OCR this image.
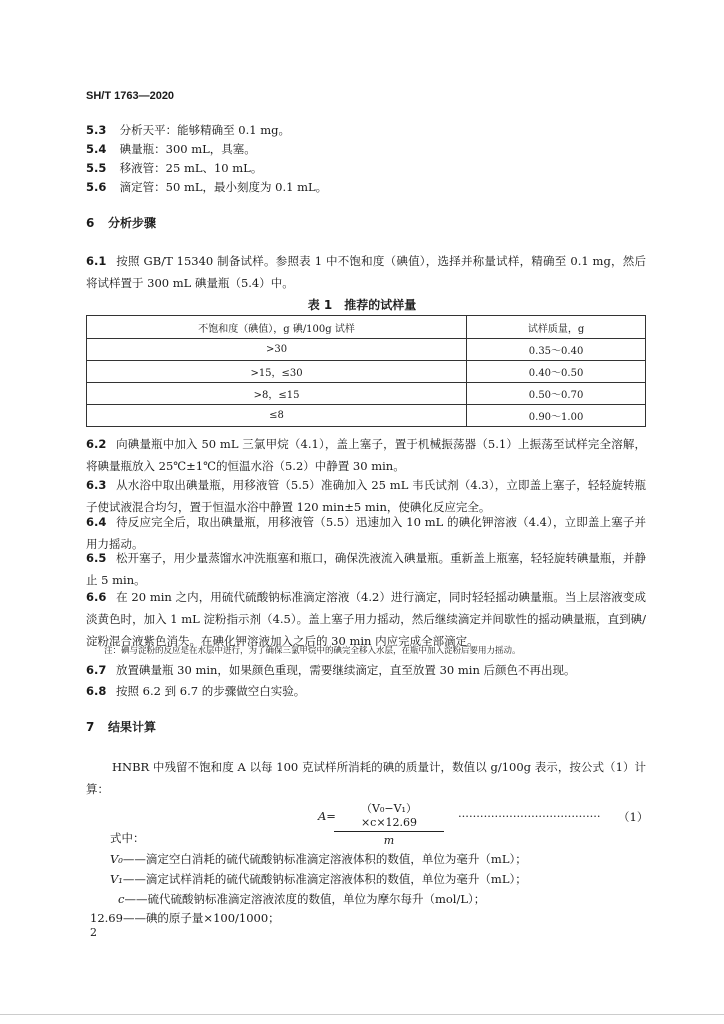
SH/T 1763—2020
5.3 分析天平：能够精确至 0.1 mg。
5.4 碘量瓶：300 mL，具塞。
5.5 移液管：25 mL、10 mL。
5.6 滴定管：50 mL，最小刻度为 0.1 mL。
6 分析步骤
6.1 按照 GB/T 15340 制备试样。参照表 1 中不饱和度（碘值），选择并称量试样，精确至 0.1 mg，然后将试样置于 300 mL 碘量瓶（5.4）中。
表 1　推荐的试样量
不饱和度（碘值），g 碘/100g 试样	试样质量，g
>30	0.35～0.40
>15，≤30	0.40～0.50
>8，≤15	0.50～0.70
≤8	0.90～1.00
6.2 向碘量瓶中加入 50 mL 三氯甲烷（4.1），盖上塞子，置于机械振荡器（5.1）上振荡至试样完全溶解，将碘量瓶放入 25℃±1℃的恒温水浴（5.2）中静置 30 min。
6.3 从水浴中取出碘量瓶，用移液管（5.5）准确加入 25 mL 韦氏试剂（4.3），立即盖上塞子，轻轻旋转瓶子使试液混合均匀，置于恒温水浴中静置 120 min±5 min，使碘化反应完全。
6.4 待反应完全后，取出碘量瓶，用移液管（5.5）迅速加入 10 mL 的碘化钾溶液（4.4），立即盖上塞子并用力摇动。
6.5 松开塞子，用少量蒸馏水冲洗瓶塞和瓶口，确保洗液流入碘量瓶。重新盖上瓶塞，轻轻旋转碘量瓶，并静止 5 min。
6.6 在 20 min 之内，用硫代硫酸钠标准滴定溶液（4.2）进行滴定，同时轻轻摇动碘量瓶。当上层溶液变成淡黄色时，加入 1 mL 淀粉指示剂（4.5）。盖上塞子用力摇动，然后继续滴定并间歇性的摇动碘量瓶，直到碘/淀粉混合液紫色消失。在碘化钾溶液加入之后的 30 min 内应完成全部滴定。
注：碘与淀粉的反应是在水层中进行，为了确保三氯甲烷中的碘完全移入水层，在瓶中加入淀粉后要用力摇动。
6.7 放置碘量瓶 30 min，如果颜色重现，需要继续滴定，直至放置 30 min 后颜色不再出现。
6.8 按照 6.2 到 6.7 的步骤做空白实验。
7 结果计算
HNBR 中残留不饱和度 A 以每 100 克试样所消耗的碘的质量计，数值以 g/100g 表示，按公式（1）计算：
A=
$\frac{\text{（V₀−V₁）×c×12.69}}{m}$ ······································· （1）
式中：
V₀——滴定空白消耗的硫代硫酸钠标准滴定溶液体积的数值，单位为毫升（mL）；
V₁——滴定试样消耗的硫代硫酸钠标准滴定溶液体积的数值，单位为毫升（mL）；
c——硫代硫酸钠标准滴定溶液浓度的数值，单位为摩尔每升（mol/L）；
12.69——碘的原子量×100/1000；
2
